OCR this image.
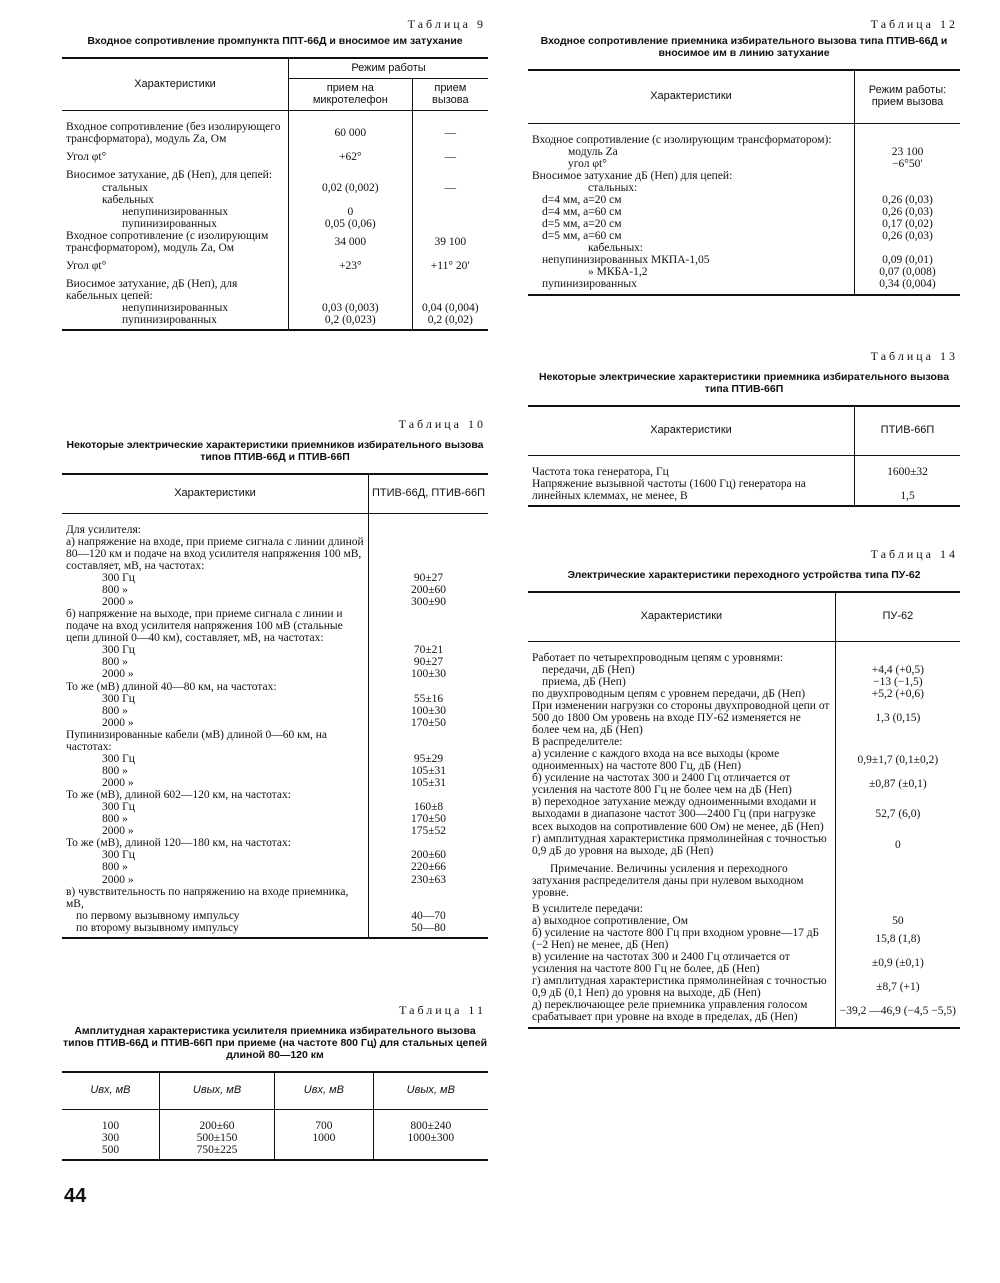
Таблица 9
Входное сопротивление промпункта ППТ-66Д и вносимое им затухание
Характеристики	Режим работы	
	прием на микротелефон	прием вызова
Входное сопротивление (без изолирующего трансформатора), модуль Zа, Ом	60 000	—
Угол φt°	+62°	—
Виосимое затухание, дБ (Неп), для цепей:		
стальных	0,02 (0,002)	—
кабельных		
непупинизированных	0	
пупинизированных	0,05 (0,06)	
Входное сопротивление (с изолирующим трансформатором), модуль Zа, Ом	34 000	39 100
Угол φt°	+23°	+11° 20′
Виосимое затухание, дБ (Неп), для кабельных цепей:		
непупинизированных	0,03 (0,003)	0,04 (0,004)
пупинизированных	0,2 (0,023)	0,2 (0,02)
Таблица 10
Некоторые электрические характеристики приемников избирательного вызова типов ПТИВ-66Д и ПТИВ-66П
Характеристики	ПТИВ-66Д, ПТИВ-66П
Для усилителя:	
а) напряжение на входе, при приеме сигнала с линии длиной 80—120 км и подаче на вход усилителя напряжения 100 мВ, составляет, мВ, на частотах:	
300 Гц	90±27
800 »	200±60
2000 »	300±90
б) напряжение на выходе, при приеме сигнала с линии и подаче на вход усилителя напряжения 100 мВ (стальные цепи длиной 0—40 км), составляет, мВ, на частотах:	
300 Гц	70±21
800 »	90±27
2000 »	100±30
То же (мВ) длиной 40—80 км, на частотах:	
300 Гц	55±16
800 »	100±30
2000 »	170±50
Пупинизированные кабели (мВ) длиной 0—60 км, на частотах:	
300 Гц	95±29
800 »	105±31
2000 »	105±31
То же (мВ), длиной 602—120 км, на частотах:	
300 Гц	160±8
800 »	170±50
2000 »	175±52
То же (мВ), длиной 120—180 км, на частотах:	
300 Гц	200±60
800 »	220±66
2000 »	230±63
в) чувствительность по напряжению на входе приемника, мВ,	
по первому вызывному импульсу	40—70
по второму вызывному импульсу	50—80
Таблица 11
Амплитудная характеристика усилителя приемника избирательного вызова типов ПТИВ-66Д и ПТИВ-66П при приеме (на частоте 800 Гц) для стальных цепей длиной 80—120 км
Uвх, мВ	Uвых, мВ	Uвх, мВ	Uвых, мВ
100	200±60	700	800±240
300	500±150	1000	1000±300
500	750±225		
Таблица 12
Входное сопротивление приемника избирательного вызова типа ПТИВ-66Д и вносимое им в линию затухание
Характеристики	Режим работы: прием вызова
Входное сопротивление (с изолирующим трансформатором):	
модуль Zа	23 100
угол φt°	−6°50′
Вносимое затухание дБ (Неп) для цепей:	
стальных:	
d=4 мм, a=20 см	0,26 (0,03)
d=4 мм, a=60 см	0,26 (0,03)
d=5 мм, a=20 см	0,17 (0,02)
d=5 мм, a=60 см	0,26 (0,03)
кабельных:	
непупинизированных МКПА-1,05	0,09 (0,01)
» МКБА-1,2	0,07 (0,008)
пупинизированных	0,34 (0,004)
Таблица 13
Некоторые электрические характеристики приемника избирательного вызова типа ПТИВ-66П
Характеристики	ПТИВ-66П
Частота тока генератора, Гц	1600±32
Напряжение вызывной частоты (1600 Гц) генератора на линейных клеммах, не менее, В	1,5
Таблица 14
Электрические характеристики переходного устройства типа ПУ-62
Характеристики	ПУ-62
Работает по четырехпроводным цепям с уровнями:	
передачи, дБ (Неп)	+4,4 (+0,5)
приема, дБ (Неп)	−13 (−1,5)
по двухпроводным цепям с уровнем передачи, дБ (Неп)	+5,2 (+0,6)
При изменении нагрузки со стороны двухпроводной цепи от 500 до 1800 Ом уровень на входе ПУ-62 изменяется не более чем на, дБ (Неп)	1,3 (0,15)
В распределителе:	
а) усиление с каждого входа на все выходы (кроме одноименных) на частоте 800 Гц, дБ (Неп)	0,9±1,7 (0,1±0,2)
б) усиление на частотах 300 и 2400 Гц отличается от усиления на частоте 800 Гц не более чем на дБ (Неп)	±0,87 (±0,1)
в) переходное затухание между одноименными входами и выходами в диапазоне частот 300—2400 Гц (при нагрузке всех выходов на сопротивление 600 Ом) не менее, дБ (Неп)	52,7 (6,0)
г) амплитудная характеристика прямолинейная с точностью 0,9 дБ до уровня на выходе, дБ (Неп)	0
Примечание. Величины усиления и переходного затухания распределителя даны при нулевом выходном уровне.	
В усилителе передачи:	
а) выходное сопротивление, Ом	50
б) усиление на частоте 800 Гц при входном уровне—17 дБ (−2 Неп) не менее, дБ (Неп)	15,8 (1,8)
в) усиление на частотах 300 и 2400 Гц отличается от усиления на частоте 800 Гц не более, дБ (Неп)	±0,9 (±0,1)
г) амплитудная характеристика прямолинейная с точностью 0,9 дБ (0,1 Неп) до уровня на выходе, дБ (Неп)	±8,7 (+1)
д) переключающее реле приемника управления голосом срабатывает при уровне на входе в пределах, дБ (Неп)	−39,2 —46,9 (−4,5 −5,5)
44
